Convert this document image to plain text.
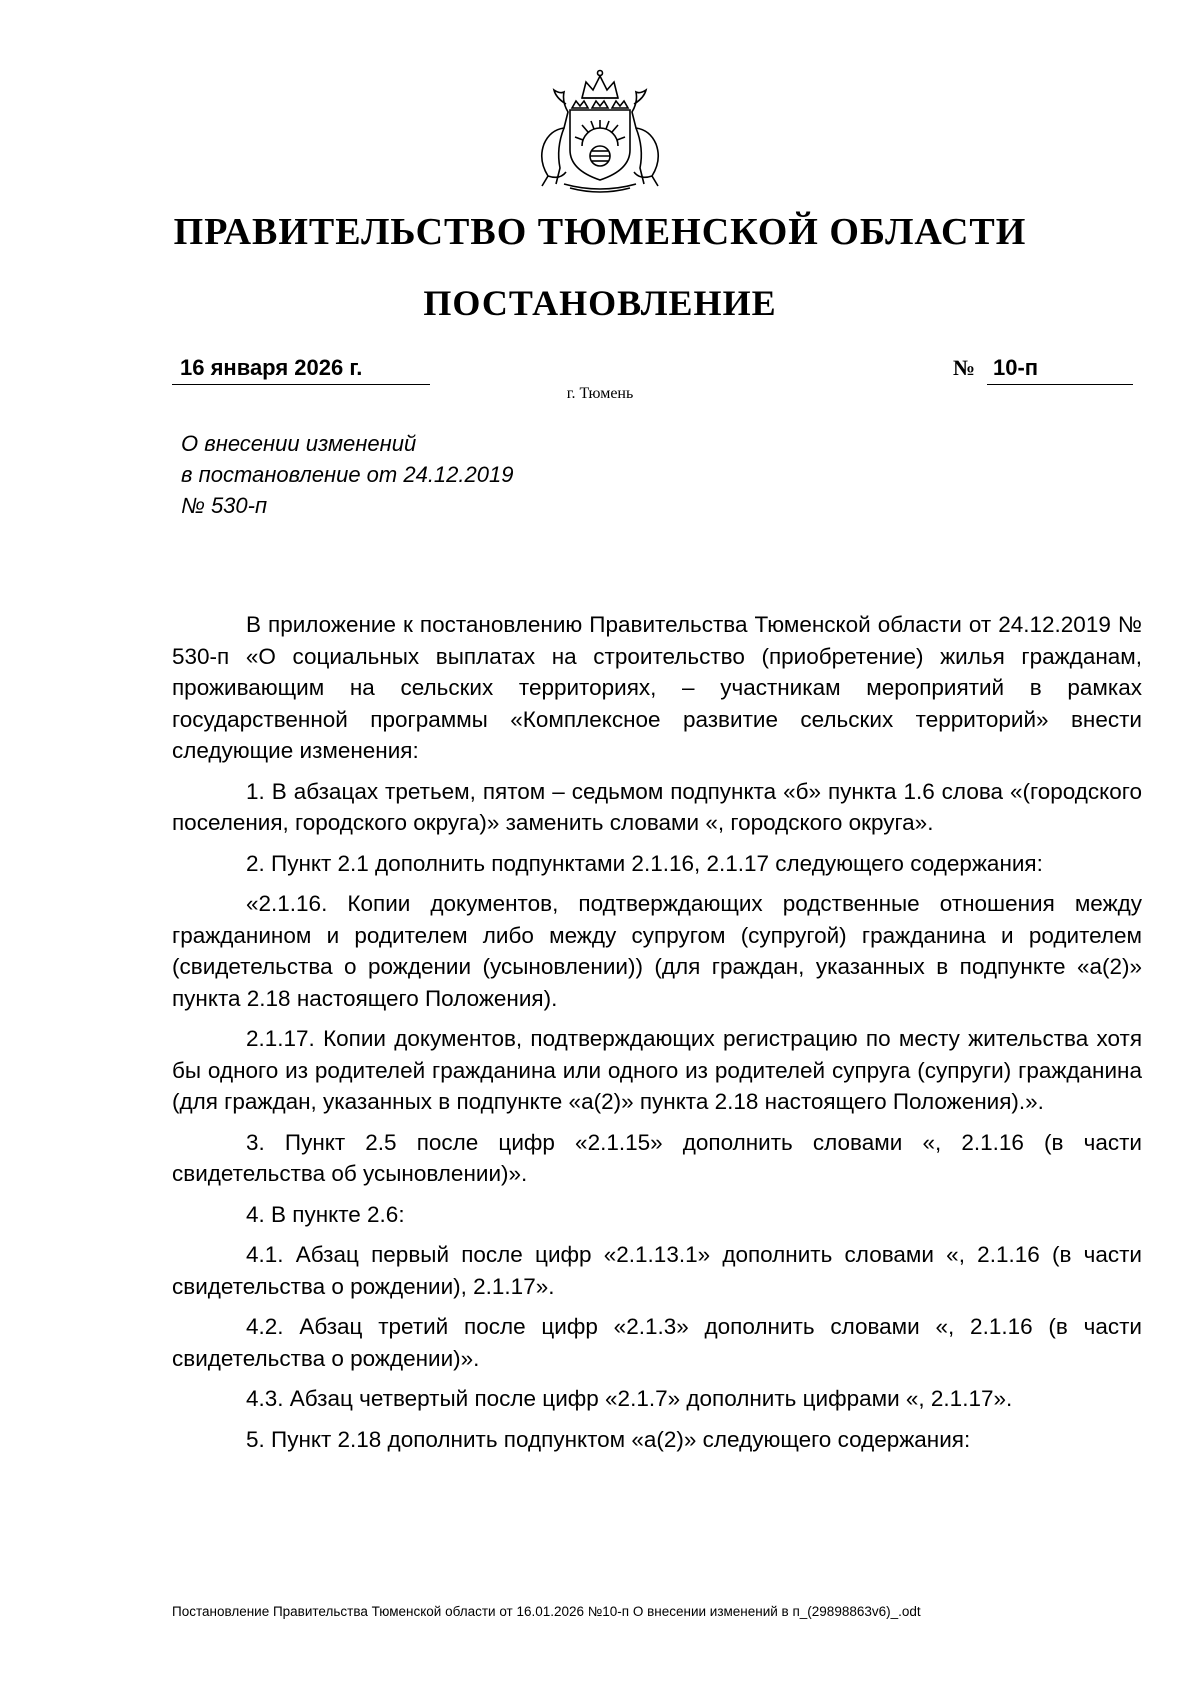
ПРАВИТЕЛЬСТВО ТЮМЕНСКОЙ ОБЛАСТИ
ПОСТАНОВЛЕНИЕ
16 января 2026 г.	№ 10-п
г. Тюмень
О внесении изменений
в постановление от 24.12.2019
№ 530-п

В приложение к постановлению Правительства Тюменской области от 24.12.2019 № 530-п «О социальных выплатах на строительство (приобретение) жилья гражданам, проживающим на сельских территориях, – участникам мероприятий в рамках государственной программы «Комплексное развитие сельских территорий» внести следующие изменения:

1. В абзацах третьем, пятом – седьмом подпункта «б» пункта 1.6 слова «(городского поселения, городского округа)» заменить словами «, городского округа».

2. Пункт 2.1 дополнить подпунктами 2.1.16, 2.1.17 следующего содержания:

«2.1.16. Копии документов, подтверждающих родственные отношения между гражданином и родителем либо между супругом (супругой) гражданина и родителем (свидетельства о рождении (усыновлении)) (для граждан, указанных в подпункте «а(2)» пункта 2.18 настоящего Положения).

2.1.17. Копии документов, подтверждающих регистрацию по месту жительства хотя бы одного из родителей гражданина или одного из родителей супруга (супруги) гражданина (для граждан, указанных в подпункте «а(2)» пункта 2.18 настоящего Положения).».

3. Пункт 2.5 после цифр «2.1.15» дополнить словами «, 2.1.16 (в части свидетельства об усыновлении)».

4. В пункте 2.6:

4.1. Абзац первый после цифр «2.1.13.1» дополнить словами «, 2.1.16 (в части свидетельства о рождении), 2.1.17».

4.2. Абзац третий после цифр «2.1.3» дополнить словами «, 2.1.16 (в части свидетельства о рождении)».

4.3. Абзац четвертый после цифр «2.1.7» дополнить цифрами «, 2.1.17».

5. Пункт 2.18 дополнить подпунктом «а(2)» следующего содержания:

Постановление Правительства Тюменской области от 16.01.2026 №10-п О внесении изменений в п_(29898863v6)_.odt
